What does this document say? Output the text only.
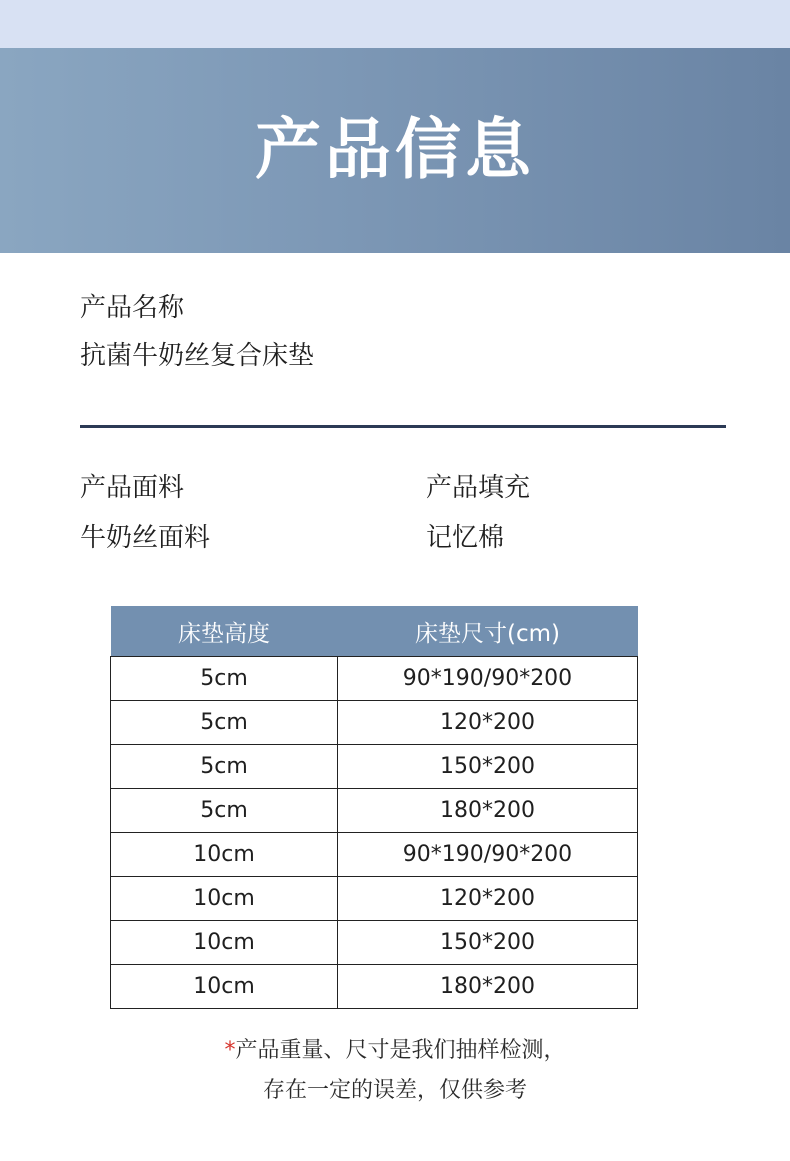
产品信息
产品名称
抗菌牛奶丝复合床垫
产品面料
牛奶丝面料
产品填充
记忆棉
床垫高度	床垫尺寸(cm)
5cm	90*190/90*200
5cm	120*200
5cm	150*200
5cm	180*200
10cm	90*190/90*200
10cm	120*200
10cm	150*200
10cm	180*200
*产品重量、尺寸是我们抽样检测，
存在一定的误差，仅供参考
